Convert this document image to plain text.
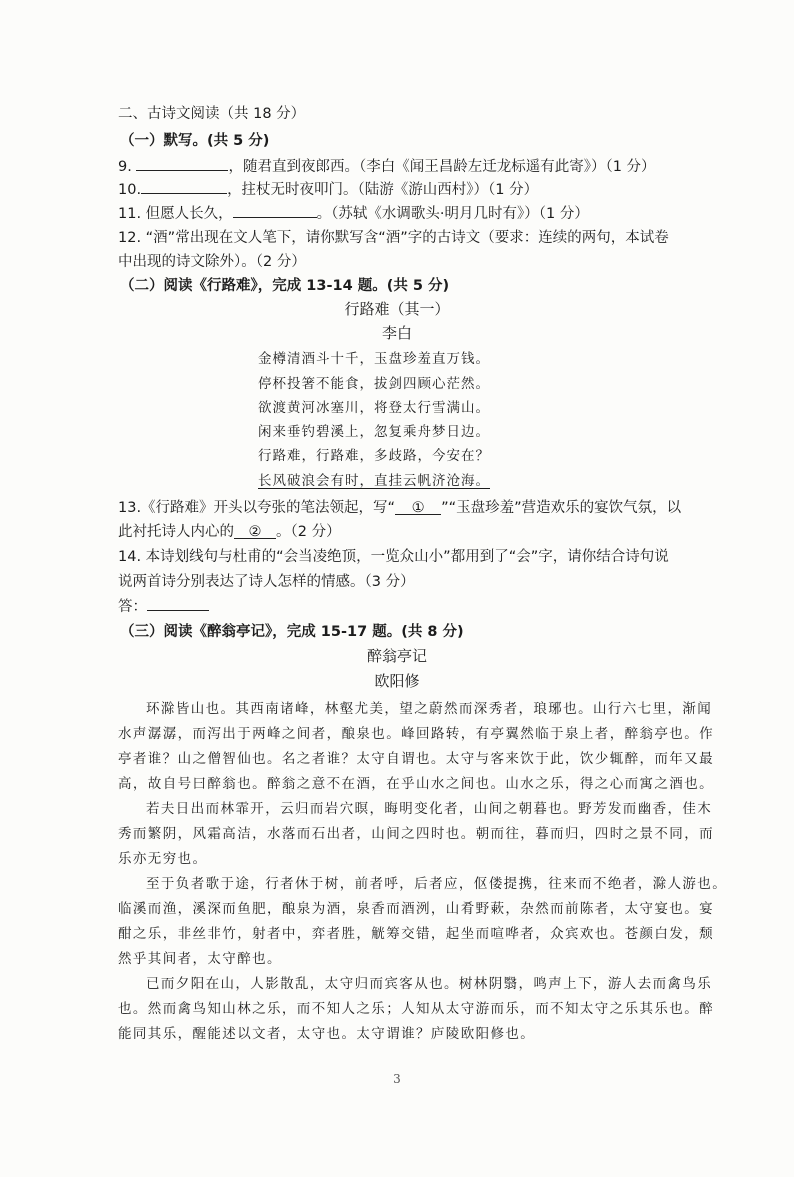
二、古诗文阅读（共 18 分）
（一）默写。(共 5 分)
9.	，随君直到夜郎西。（李白《闻王昌龄左迁龙标遥有此寄》）（1 分）
10.	，拄杖无时夜叩门。（陆游《游山西村》）（1 分）
11. 但愿人长久，	。（苏轼《水调歌头·明月几时有》）（1 分）
12. “酒”常出现在文人笔下，请你默写含“酒”字的古诗文（要求：连续的两句，本试卷
中出现的诗文除外）。（2 分）
（二）阅读《行路难》，完成 13-14 题。(共 5 分)
行路难（其一）
李白
金樽清酒斗十千，玉盘珍羞直万钱。
停杯投箸不能食，拔剑四顾心茫然。
欲渡黄河冰塞川，将登太行雪满山。
闲来垂钓碧溪上，忽复乘舟梦日边。
行路难，行路难，多歧路，今安在？
长风破浪会有时，直挂云帆济沧海。
13.《行路难》开头以夸张的笔法领起，写“ ① ”“玉盘珍羞”营造欢乐的宴饮气氛，以
此衬托诗人内心的 ② 。（2 分）
14. 本诗划线句与杜甫的“会当凌绝顶，一览众山小”都用到了“会”字，请你结合诗句说
说两首诗分别表达了诗人怎样的情感。（3 分）
答：
（三）阅读《醉翁亭记》，完成 15-17 题。(共 8 分)
醉翁亭记
欧阳修
环滁皆山也。其西南诸峰，林壑尤美，望之蔚然而深秀者，琅琊也。山行六七里，渐闻
水声潺潺，而泻出于两峰之间者，酿泉也。峰回路转，有亭翼然临于泉上者，醉翁亭也。作
亭者谁？山之僧智仙也。名之者谁？太守自谓也。太守与客来饮于此，饮少辄醉，而年又最
高，故自号曰醉翁也。醉翁之意不在酒，在乎山水之间也。山水之乐，得之心而寓之酒也。
若夫日出而林霏开，云归而岩穴暝，晦明变化者，山间之朝暮也。野芳发而幽香，佳木
秀而繁阴，风霜高洁，水落而石出者，山间之四时也。朝而往，暮而归，四时之景不同，而
乐亦无穷也。
至于负者歌于途，行者休于树，前者呼，后者应，伛偻提携，往来而不绝者，滁人游也。
临溪而渔，溪深而鱼肥，酿泉为酒，泉香而酒洌，山肴野蔌，杂然而前陈者，太守宴也。宴
酣之乐，非丝非竹，射者中，弈者胜，觥筹交错，起坐而喧哗者，众宾欢也。苍颜白发，颓
然乎其间者，太守醉也。
已而夕阳在山，人影散乱，太守归而宾客从也。树林阴翳，鸣声上下，游人去而禽鸟乐
也。然而禽鸟知山林之乐，而不知人之乐；人知从太守游而乐，而不知太守之乐其乐也。醉
能同其乐，醒能述以文者，太守也。太守谓谁？庐陵欧阳修也。
3
